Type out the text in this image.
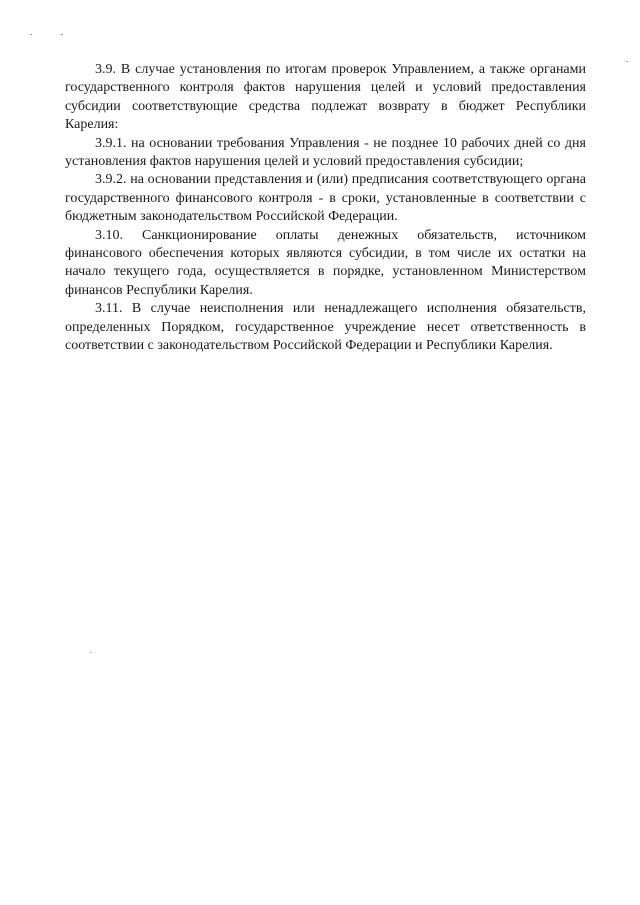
3.9. В случае установления по итогам проверок Управлением, а также органами государственного контроля фактов нарушения целей и условий предоставления субсидии соответствующие средства подлежат возврату в бюджет Республики Карелия:

3.9.1. на основании требования Управления - не позднее 10 рабочих дней со дня установления фактов нарушения целей и условий предоставления субсидии;

3.9.2. на основании представления и (или) предписания соответствующего органа государственного финансового контроля - в сроки, установленные в соответствии с бюджетным законодательством Российской Федерации.

3.10. Санкционирование оплаты денежных обязательств, источником финансового обеспечения которых являются субсидии, в том числе их остатки на начало текущего года, осуществляется в порядке, установленном Министерством финансов Республики Карелия.

3.11. В случае неисполнения или ненадлежащего исполнения обязательств, определенных Порядком, государственное учреждение несет ответственность в соответствии с законодательством Российской Федерации и Республики Карелия.
